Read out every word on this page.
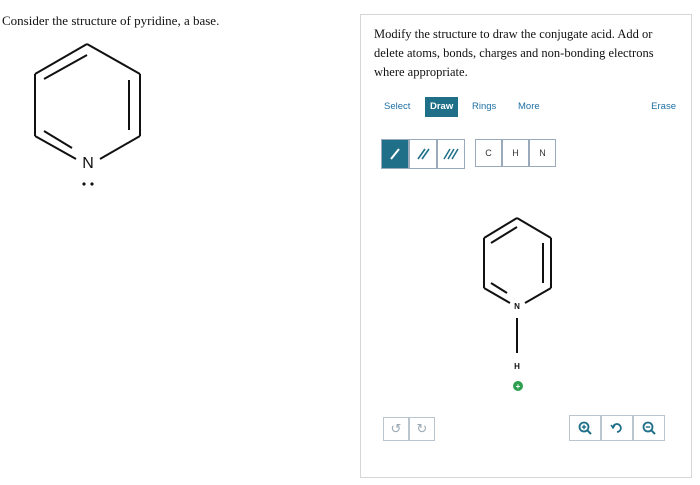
Consider the structure of pyridine, a base.
N
Modify the structure to draw the conjugate acid. Add or delete atoms, bonds, charges and non-bonding electrons where appropriate.
Select	Draw	Rings	More	Erase
C	H	N
N
H
+
↺ ↻
